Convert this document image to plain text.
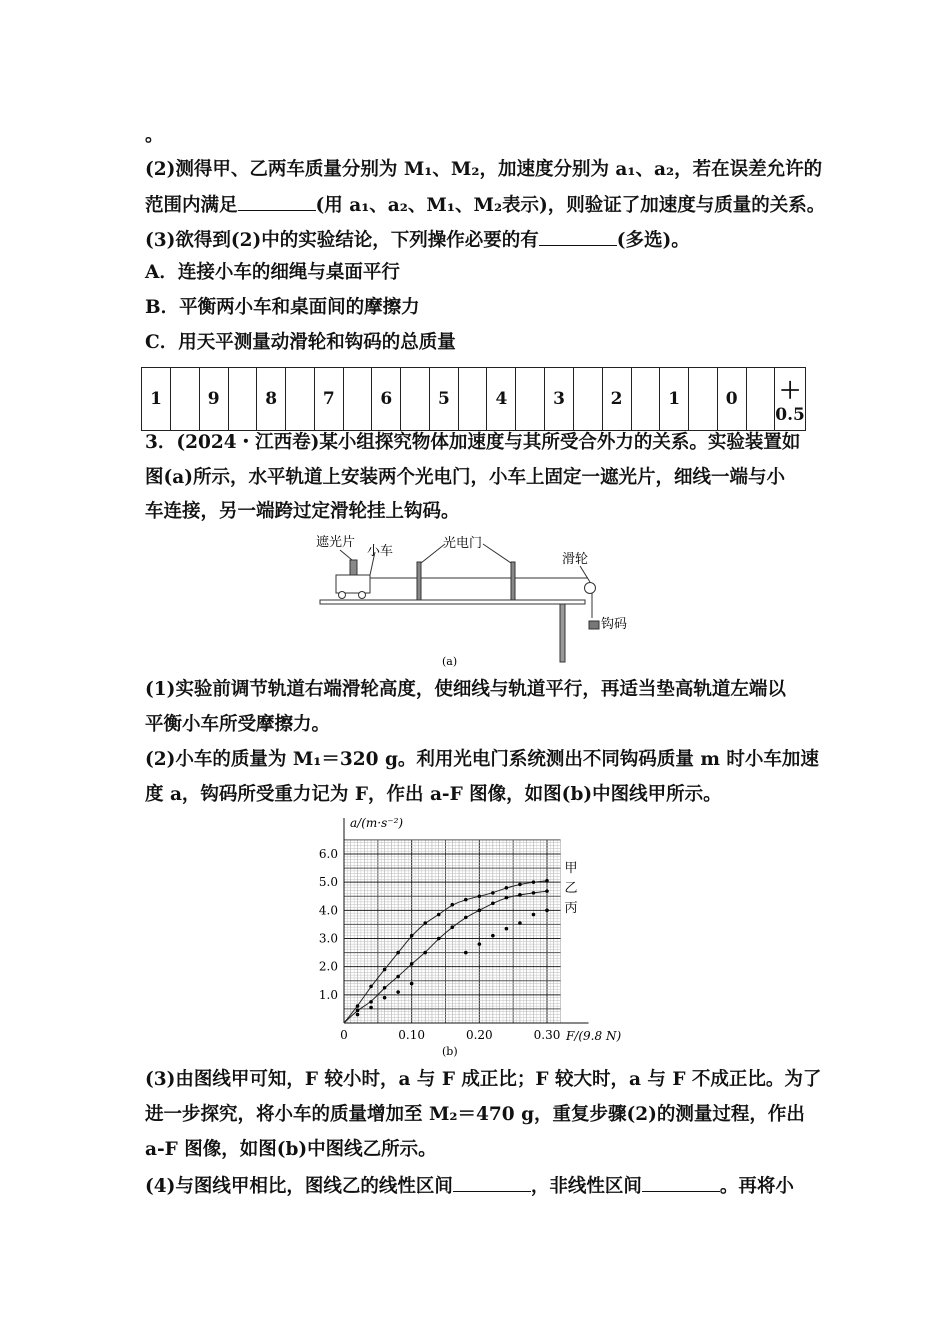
。
(2)测得甲、乙两车质量分别为 M₁、M₂，加速度分别为 a₁、a₂，若在误差允许的
范围内满足	(用 a₁、a₂、M₁、M₂表示)，则验证了加速度与质量的关系。
(3)欲得到(2)中的实验结论，下列操作必要的有	(多选)。
A．连接小车的细绳与桌面平行
B．平衡两小车和桌面间的摩擦力
C．用天平测量动滑轮和钩码的总质量
1		9		8		7		6		5		4		3		2		1		0		＋
0.5
3．(2024・江西卷)某小组探究物体加速度与其所受合外力的关系。实验装置如
图(a)所示，水平轨道上安装两个光电门，小车上固定一遮光片，细线一端与小
车连接，另一端跨过定滑轮挂上钩码。
遮光片
小车
光电门
滑轮
钩码
(a)
(1)实验前调节轨道右端滑轮高度，使细线与轨道平行，再适当垫高轨道左端以
平衡小车所受摩擦力。
(2)小车的质量为 M₁＝320 g。利用光电门系统测出不同钩码质量 m 时小车加速
度 a，钩码所受重力记为 F，作出 a-F 图像，如图(b)中图线甲所示。
0	0.10	0.20	0.30
1.0
2.0
3.0
4.0
5.0
6.0
甲
乙
丙
a/(m·s⁻²)
F/(9.8 N)
(b)
(3)由图线甲可知，F 较小时，a 与 F 成正比；F 较大时，a 与 F 不成正比。为了
进一步探究，将小车的质量增加至 M₂＝470 g，重复步骤(2)的测量过程，作出
a-F 图像，如图(b)中图线乙所示。
(4)与图线甲相比，图线乙的线性区间	，非线性区间	。再将小
